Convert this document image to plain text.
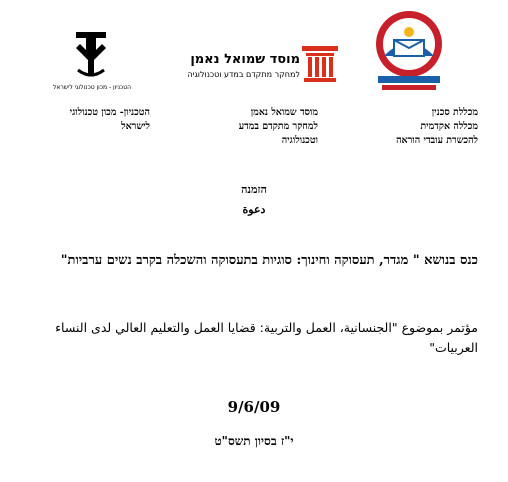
מוסד שמואל נאמן
למחקר מתקדם במדע וטכנולוגיה
הטכניון - מכון טכנולוגי לישראל
מכללת סכנין
מכללה אקדמית
להכשרת עובדי הוראה
מוסד שמואל נאמן
למחקר מתקדם במדע
וטכנולוגיה
הטכניון- מכון טכנולוגי
לישראל
הזמנה
دعوة
כנס בנושא " מגדר, תעסוקה וחינוך: סוגיות בתעסוקה והשכלה בקרב נשים ערביות"
مؤتمر بموضوع "الجنسانية، العمل والتربية: قضايا العمل والتعليم العالي لدى النساء العربيات"
9/6/09
י"ז בסיון תשס"ט
